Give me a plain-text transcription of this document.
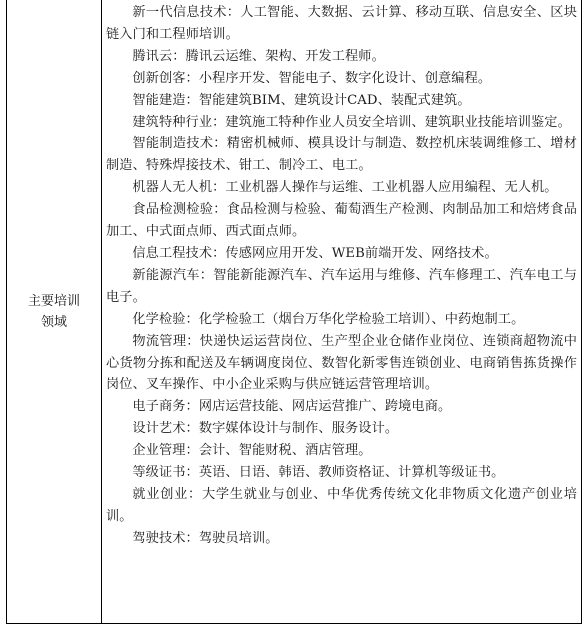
主要培训
领域

新一代信息技术：人工智能、大数据、云计算、移动互联、信息安全、区块链入门和工程师培训。

腾讯云：腾讯云运维、架构、开发工程师。

创新创客：小程序开发、智能电子、数字化设计、创意编程。

智能建造：智能建筑BIM、建筑设计CAD、装配式建筑。

建筑特种行业：建筑施工特种作业人员安全培训、建筑职业技能培训鉴定。

智能制造技术：精密机械师、模具设计与制造、数控机床装调维修工、增材制造、特殊焊接技术、钳工、制冷工、电工。

机器人无人机：工业机器人操作与运维、工业机器人应用编程、无人机。

食品检测检验：食品检测与检验、葡萄酒生产检测、肉制品加工和焙烤食品加工、中式面点师、西式面点师。

信息工程技术：传感网应用开发、WEB前端开发、网络技术。

新能源汽车：智能新能源汽车、汽车运用与维修、汽车修理工、汽车电工与电子。

化学检验：化学检验工（烟台万华化学检验工培训）、中药炮制工。

物流管理：快递快运运营岗位、生产型企业仓储作业岗位、连锁商超物流中心货物分拣和配送及车辆调度岗位、数智化新零售连锁创业、电商销售拣货操作岗位、叉车操作、中小企业采购与供应链运营管理培训。

电子商务：网店运营技能、网店运营推广、跨境电商。

设计艺术：数字媒体设计与制作、服务设计。

企业管理：会计、智能财税、酒店管理。

等级证书：英语、日语、韩语、教师资格证、计算机等级证书。

就业创业：大学生就业与创业、中华优秀传统文化非物质文化遗产创业培训。

驾驶技术：驾驶员培训。
